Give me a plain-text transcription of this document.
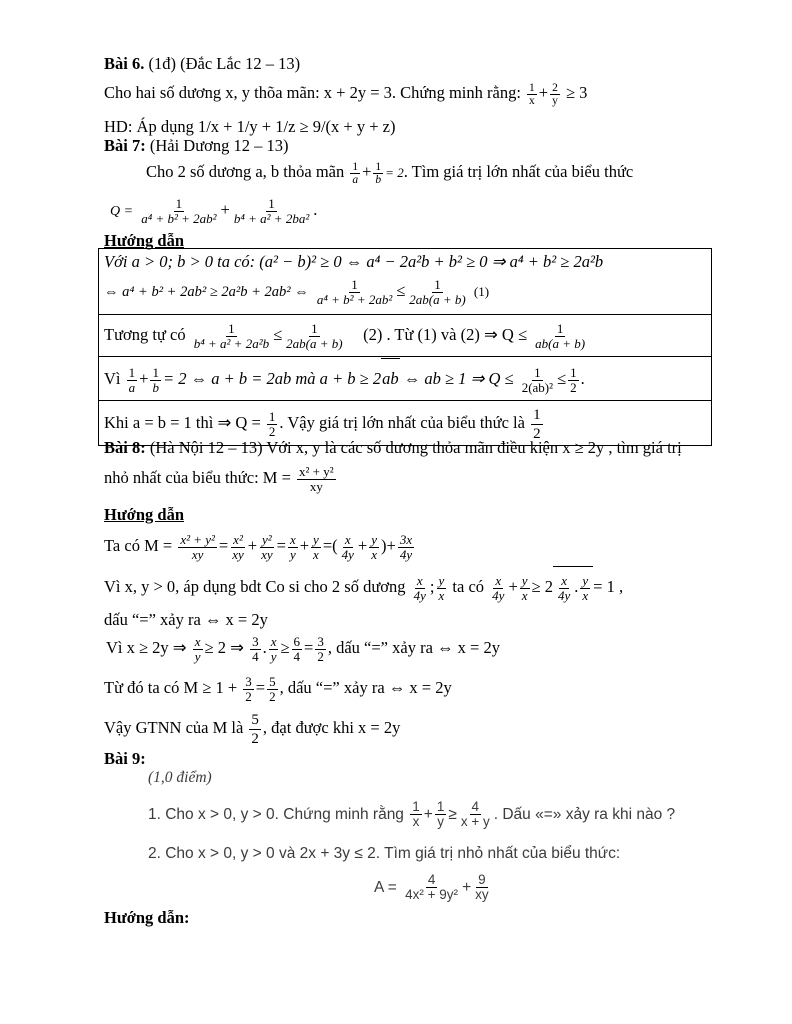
Bài 6. (1đ) (Đắc Lắc 12 – 13)
Cho hai số dương x, y thõa mãn: x + 2y = 3. Chứng minh rằng: $\frac{1}{x} + \frac{2}{y} \ge 3$
HD: Áp dụng 1/x + 1/y + 1/z ≥ 9/(x + y + z)
Bài 7: (Hải Dương 12 – 13)
Cho 2 số dương a, b thỏa mãn $\frac{1}{a} + \frac{1}{b} = 2$. Tìm giá trị lớn nhất của biểu thức
$Q = \frac{1}{\text{a⁴ + b² + 2ab²}} + \frac{1}{\text{b⁴ + a² + 2ba²}}$ .
Hướng dẫn
Với a > 0; b > 0 ta có: (a² − b)² ≥ 0 ⇔ a⁴ − 2a²b + b² ≥ 0 ⇒ a⁴ + b² ≥ 2a²b
⇔ a⁴ + b² + 2ab² ≥ 2a²b + 2ab² ⇔ $\frac{1}{\text{a⁴ + b² + 2ab²}} \le \frac{1}{2ab(a + b)} (1)$
Tương tự có $\frac{1}{\text{b⁴ + a² + 2a²b}} \le \frac{1}{2ab(a + b)} (2)$ . Từ (1) và (2) ⇒ $Q \le \frac{1}{ab(a + b)}$
Vì $\frac{1}{a} + \frac{1}{b} = 2$ ⇔ a + b = 2ab mà a + b ≥ 2ab ⇔ ab ≥ 1 ⇒ $Q \le \frac{1}{\text{2(ab)²}} \le \frac{1}{2}$ .
Khi a = b = 1 thì ⇒ $Q = \frac{1}{2}$ . Vậy giá trị lớn nhất của biểu thức là $\frac{1}{2}$
Bài 8: (Hà Nội 12 – 13) Với x, y là các số dương thỏa mãn điều kiện x ≥ 2y , tìm giá trị
nhỏ nhất của biểu thức: $M = \frac{\text{x² + y²}}{xy}$
Hướng dẫn
Ta có $M = \frac{\text{x² + y²}}{xy} = \frac{\text{x²}}{xy} + \frac{\text{y²}}{xy} = \frac{x}{y} + \frac{y}{x}$ =( $\frac{x}{4y} + \frac{y}{x}$ )+ $\frac{3x}{4y}$
Vì x, y > 0, áp dụng bdt Co si cho 2 số dương $\frac{x}{4y}$ ; $\frac{y}{x}$ ta có $\frac{x}{4y} + \frac{y}{x} \ge 2 \frac{x}{4y}$ . $\frac{y}{x} = 1$ ,
dấu “=” xảy ra ⇔ x = 2y
Vì x ≥ 2y ⇒ $\frac{x}{y} \ge 2$ ⇒ $\frac{3}{4}$ . $\frac{x}{y} \ge \frac{6}{4} = \frac{3}{2}$ , dấu “=” xảy ra ⇔ x = 2y
Từ đó ta có $M \ge 1 + \frac{3}{2} = \frac{5}{2}$ , dấu “=” xảy ra ⇔ x = 2y
Vậy GTNN của M là $\frac{5}{2}$ , đạt được khi x = 2y
Bài 9:
(1,0 điểm)
1. Cho x > 0, y > 0. Chứng minh rằng $\frac{1}{x} + \frac{1}{y} \ge \frac{4}{x + y}$ . Dấu «=» xảy ra khi nào ?
2. Cho x > 0, y > 0 và 2x + 3y ≤ 2. Tìm giá trị nhỏ nhất của biểu thức:
$A = \frac{4}{\text{4x² + 9y²}} + \frac{9}{xy}$
Hướng dẫn:
